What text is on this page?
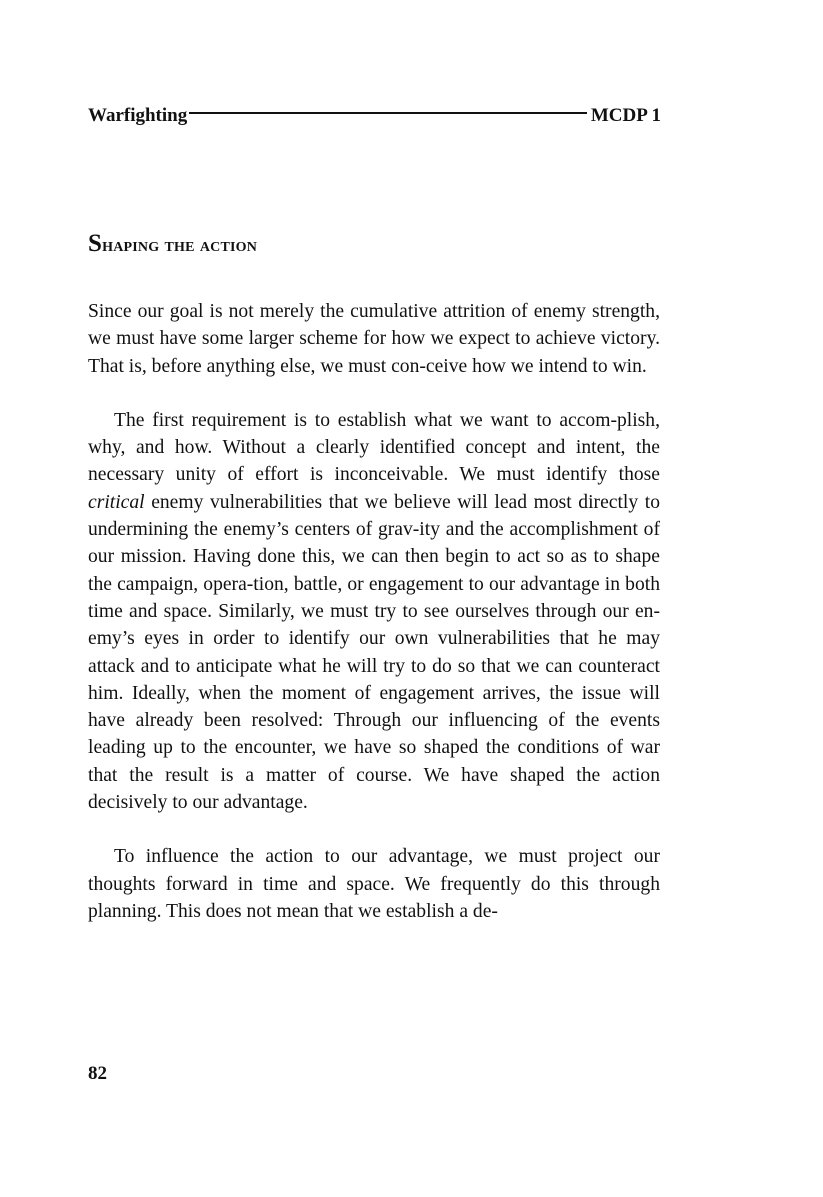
Warfighting	MCDP 1
Shaping the action

Since our goal is not merely the cumulative attrition of enemy strength, we must have some larger scheme for how we expect to achieve victory. That is, before anything else, we must con-ceive how we intend to win.

The first requirement is to establish what we want to accom-plish, why, and how. Without a clearly identified concept and intent, the necessary unity of effort is inconceivable. We must identify those critical enemy vulnerabilities that we believe will lead most directly to undermining the enemy’s centers of grav-ity and the accomplishment of our mission. Having done this, we can then begin to act so as to shape the campaign, opera-tion, battle, or engagement to our advantage in both time and space. Similarly, we must try to see ourselves through our en-emy’s eyes in order to identify our own vulnerabilities that he may attack and to anticipate what he will try to do so that we can counteract him. Ideally, when the moment of engagement arrives, the issue will have already been resolved: Through our influencing of the events leading up to the encounter, we have so shaped the conditions of war that the result is a matter of course. We have shaped the action decisively to our advantage.

To influence the action to our advantage, we must project our thoughts forward in time and space. We frequently do this through planning. This does not mean that we establish a de-

82
